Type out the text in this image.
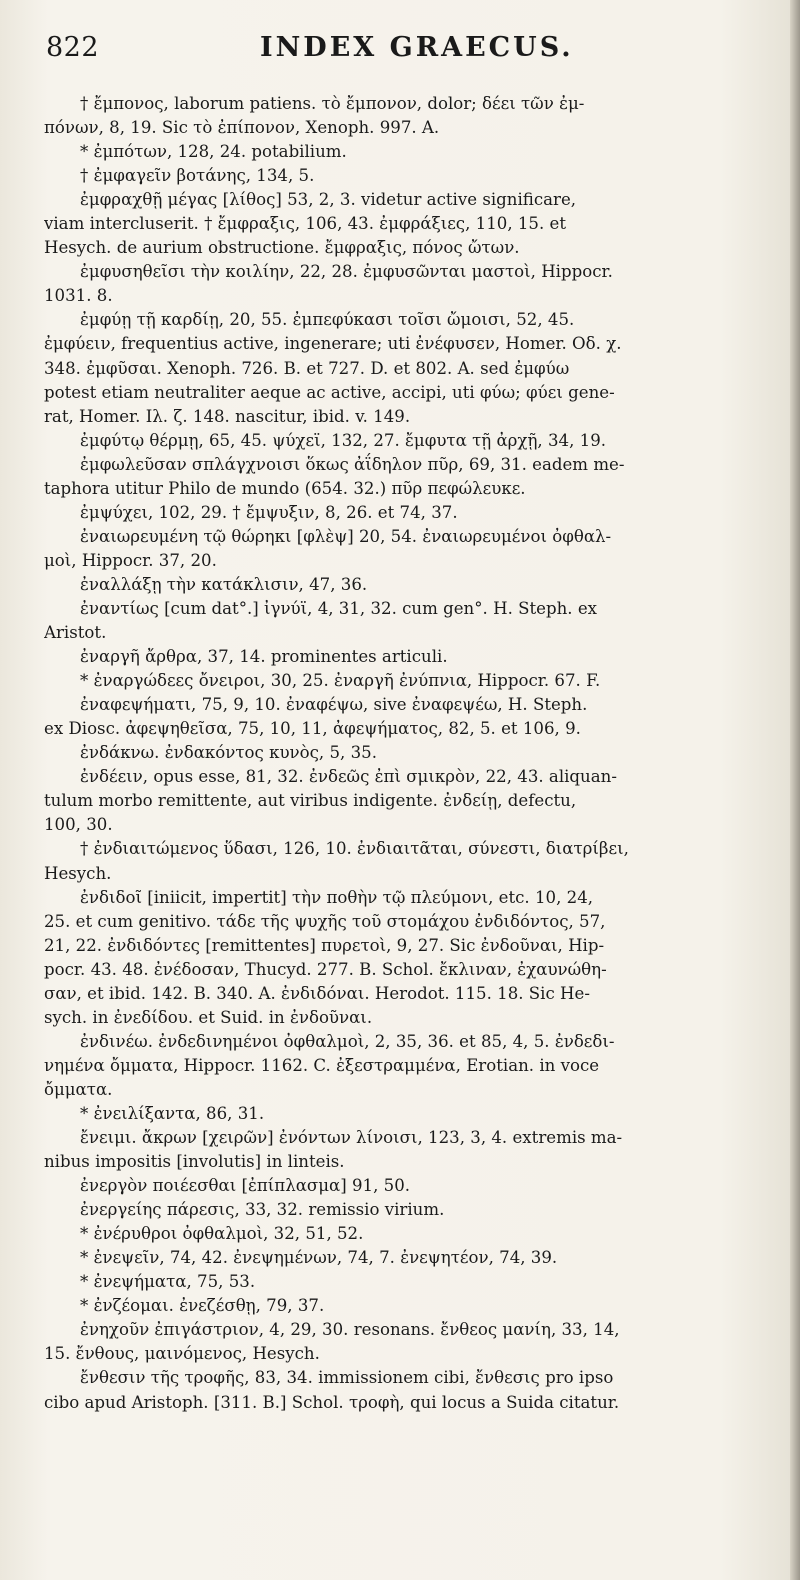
822	INDEX GRAECUS.
† ἔμπονος, laborum patiens. τὸ ἔμπονον, dolor; δέει τῶν ἐμ-
πόνων, 8, 19. Sic τὸ ἐπίπονον, Xenoph. 997. A.
* ἐμπότων, 128, 24. potabilium.
† ἐμφαγεῖν βοτάνης, 134, 5.
ἐμφραχθῇ μέγας [λίθος] 53, 2, 3. videtur active significare,
viam intercluserit. † ἔμφραξις, 106, 43. ἐμφράξιες, 110, 15. et
Hesych. de aurium obstructione. ἔμφραξις, πόνος ὤτων.
ἐμφυσηθεῖσι τὴν κοιλίην, 22, 28. ἐμφυσῶνται μαστοὶ, Hippocr.
1031. 8.
ἐμφύῃ τῇ καρδίῃ, 20, 55. ἐμπεφύκασι τοῖσι ὤμοισι, 52, 45.
ἐμφύειν, frequentius active, ingenerare; uti ἐνέφυσεν, Homer. Οδ. χ.
348. ἐμφῦσαι. Xenoph. 726. B. et 727. D. et 802. A. sed ἐμφύω
potest etiam neutraliter aeque ac active, accipi, uti φύω; φύει gene-
rat, Homer. Ιλ. ζ. 148. nascitur, ibid. v. 149.
ἐμφύτῳ θέρμῃ, 65, 45. ψύχεϊ, 132, 27. ἔμφυτα τῇ ἀρχῇ, 34, 19.
ἐμφωλεῦσαν σπλάγχνοισι ὅκως ἀΐδηλον πῦρ, 69, 31. eadem me-
taphora utitur Philo de mundo (654. 32.) πῦρ πεφώλευκε.
ἐμψύχει, 102, 29. † ἔμψυξιν, 8, 26. et 74, 37.
ἐναιωρευμένη τῷ θώρηκι [φλὲψ] 20, 54. ἐναιωρευμένοι ὀφθαλ-
μοὶ, Hippocr. 37, 20.
ἐναλλάξῃ τὴν κατάκλισιν, 47, 36.
ἐναντίως [cum dat°.] ἰγνύϊ, 4, 31, 32. cum gen°. H. Steph. ex
Aristot.
ἐναργῆ ἄρθρα, 37, 14. prominentes articuli.
* ἐναργώδεες ὄνειροι, 30, 25. ἐναργῆ ἐνύπνια, Hippocr. 67. F.
ἐναφεψήματι, 75, 9, 10. ἐναφέψω, sive ἐναφεψέω, H. Steph.
ex Diosc. ἀφεψηθεῖσα, 75, 10, 11, ἀφεψήματος, 82, 5. et 106, 9.
ἐνδάκνω. ἐνδακόντος κυνὸς, 5, 35.
ἐνδέειν, opus esse, 81, 32. ἐνδεῶς ἐπὶ σμικρὸν, 22, 43. aliquan-
tulum morbo remittente, aut viribus indigente. ἐνδείῃ, defectu,
100, 30.
† ἐνδιαιτώμενος ὕδασι, 126, 10. ἐνδιαιτᾶται, σύνεστι, διατρίβει,
Hesych.
ἐνδιδοῖ [iniicit, impertit] τὴν ποθὴν τῷ πλεύμονι, etc. 10, 24,
25. et cum genitivo. τάδε τῆς ψυχῆς τοῦ στομάχου ἐνδιδόντος, 57,
21, 22. ἐνδιδόντες [remittentes] πυρετοὶ, 9, 27. Sic ἐνδοῦναι, Hip-
pocr. 43. 48. ἐνέδοσαν, Thucyd. 277. B. Schol. ἔκλιναν, ἐχαυνώθη-
σαν, et ibid. 142. B. 340. A. ἐνδιδόναι. Herodot. 115. 18. Sic He-
sych. in ἐνεδίδου. et Suid. in ἐνδοῦναι.
ἐνδινέω. ἐνδεδινημένοι ὀφθαλμοὶ, 2, 35, 36. et 85, 4, 5. ἐνδεδι-
νημένα ὄμματα, Hippocr. 1162. C. ἐξεστραμμένα, Erotian. in voce
ὄμματα.
* ἐνειλίξαντα, 86, 31.
ἔνειμι. ἄκρων [χειρῶν] ἐνόντων λίνοισι, 123, 3, 4. extremis ma-
nibus impositis [involutis] in linteis.
ἐνεργὸν ποιέεσθαι [ἐπίπλασμα] 91, 50.
ἐνεργείης πάρεσις, 33, 32. remissio virium.
* ἐνέρυθροι ὀφθαλμοὶ, 32, 51, 52.
* ἐνεψεῖν, 74, 42. ἐνεψημένων, 74, 7. ἐνεψητέον, 74, 39.
* ἐνεψήματα, 75, 53.
* ἐνζέομαι. ἐνεζέσθῃ, 79, 37.
ἐνηχοῦν ἐπιγάστριον, 4, 29, 30. resonans. ἔνθεος μανίη, 33, 14,
15. ἔνθους, μαινόμενος, Hesych.
ἔνθεσιν τῆς τροφῆς, 83, 34. immissionem cibi, ἔνθεσις pro ipso
cibo apud Aristoph. [311. B.] Schol. τροφὴ, qui locus a Suida citatur.
